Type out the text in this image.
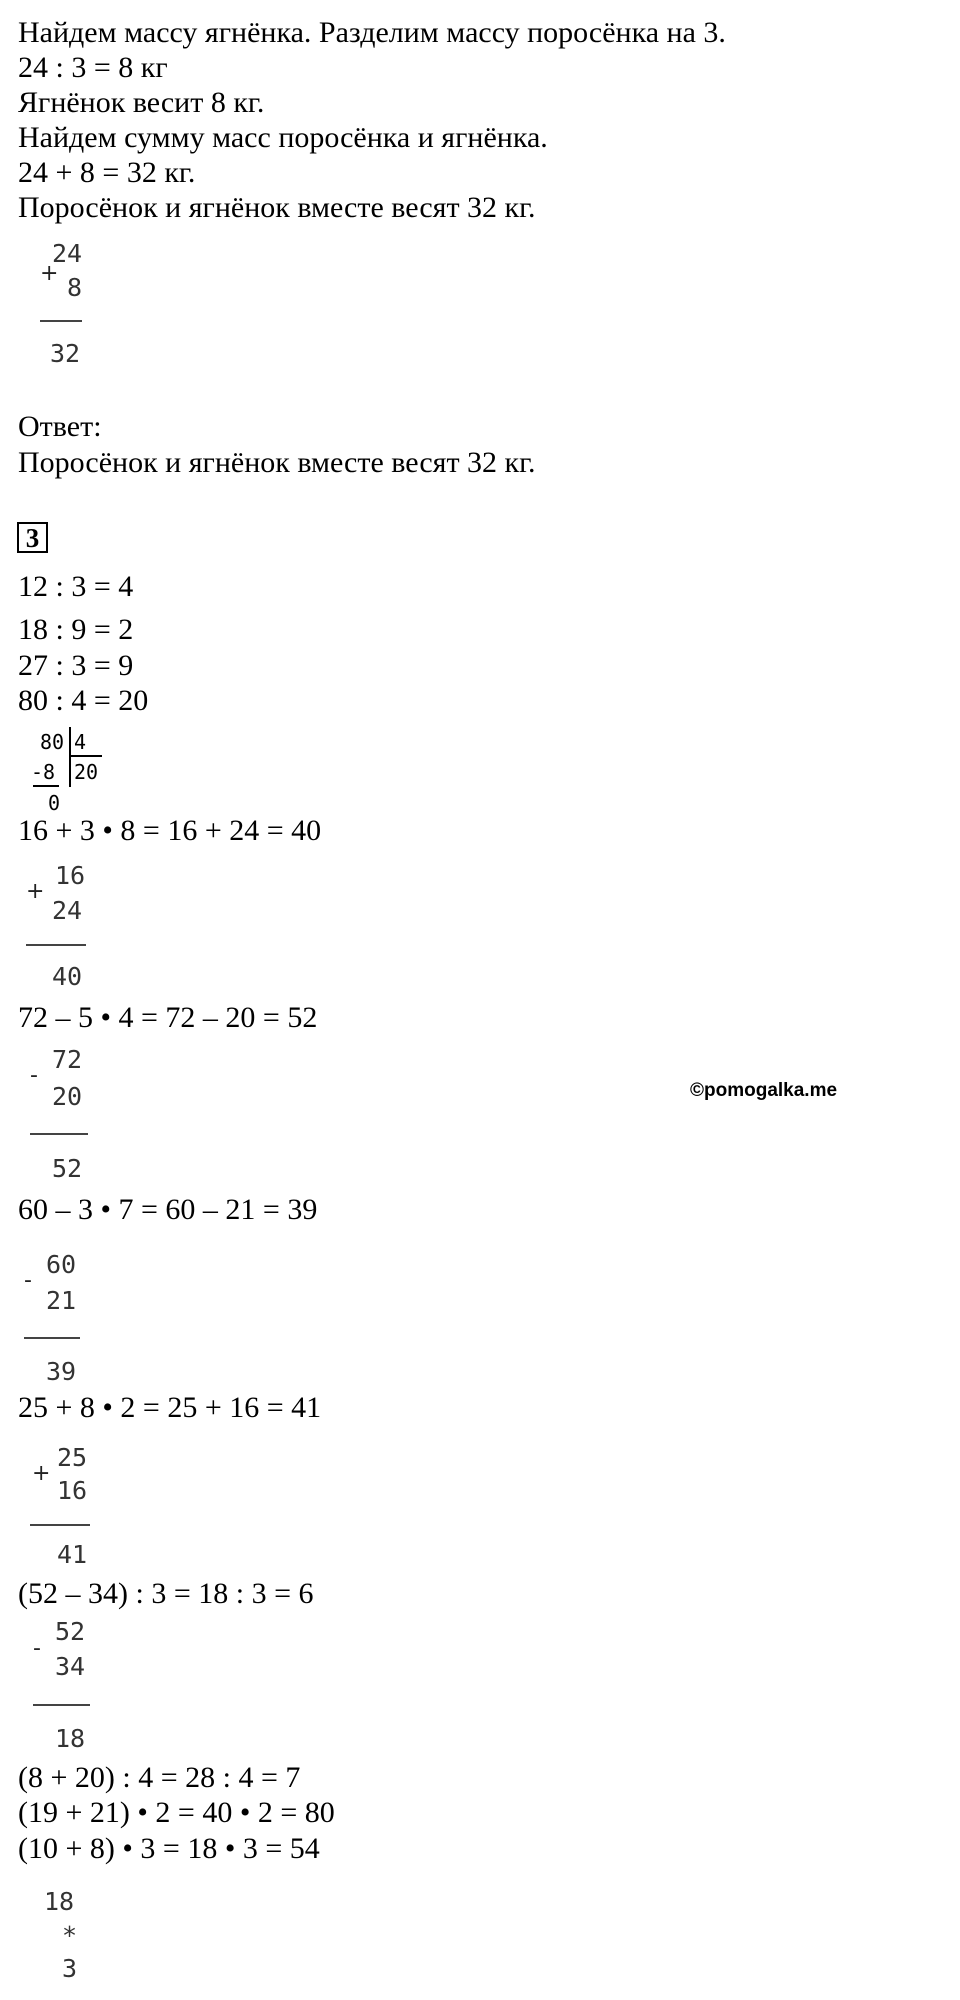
Найдем массу ягнёнка. Разделим массу поросёнка на 3.
24 : 3 = 8 кг
Ягнёнок весит 8 кг.
Найдем сумму масс поросёнка и ягнёнка.
24 + 8 = 32 кг.
Поросёнок и ягнёнок вместе весят 32 кг.
+
24
8
32
Ответ:
Поросёнок и ягнёнок вместе весят 32 кг.
3
12 : 3 = 4
18 : 9 = 2
27 : 3 = 9
80 : 4 = 20
80 4
-8 20
0
16 + 3 • 8 = 16 + 24 = 40
+
16
24
40
72 – 5 • 4 = 72 – 20 = 52
-
72
20
52
©pomogalka.me
60 – 3 • 7 = 60 – 21 = 39
-
60
21
39
25 + 8 • 2 = 25 + 16 = 41
+
25
16
41
(52 – 34) : 3 = 18 : 3 = 6
-
52
34
18
(8 + 20) : 4 = 28 : 4 = 7
(19 + 21) • 2 = 40 • 2 = 80
(10 + 8) • 3 = 18 • 3 = 54
18
*
3
